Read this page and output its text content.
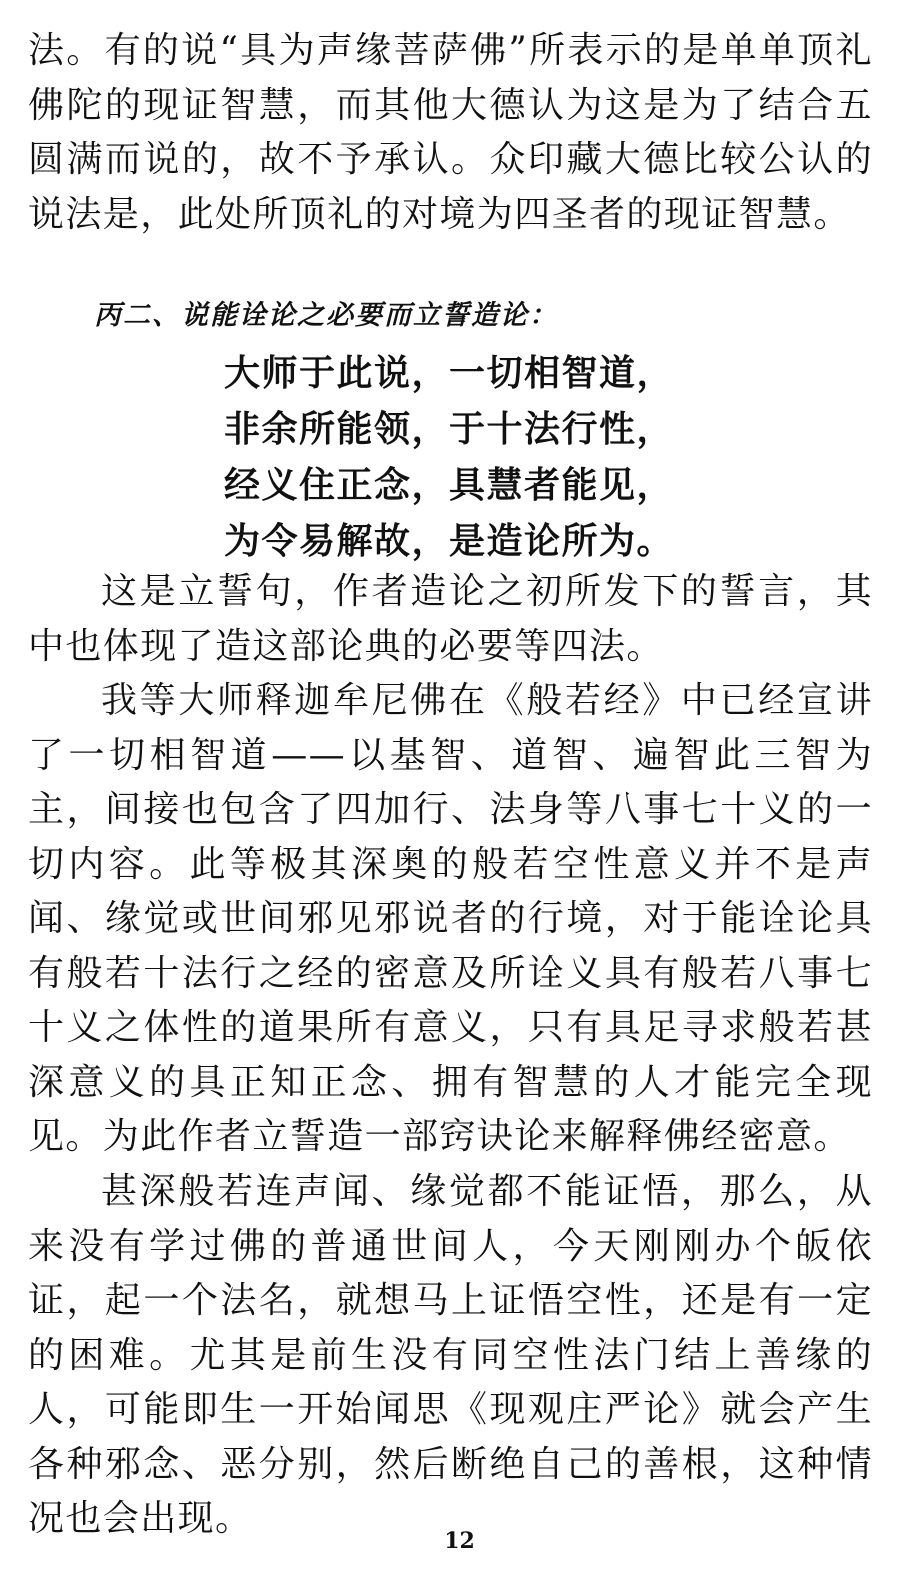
法。有的说“具为声缘菩萨佛”所表示的是单单顶礼佛陀的现证智慧，而其他大德认为这是为了结合五圆满而说的，故不予承认。众印藏大德比较公认的说法是，此处所顶礼的对境为四圣者的现证智慧。

丙二、说能诠论之必要而立誓造论：

大师于此说，一切相智道，

非余所能领，于十法行性，

经义住正念，具慧者能见，

为令易解故，是造论所为。

这是立誓句，作者造论之初所发下的誓言，其中也体现了造这部论典的必要等四法。

我等大师释迦牟尼佛在《般若经》中已经宣讲了一切相智道——以基智、道智、遍智此三智为主，间接也包含了四加行、法身等八事七十义的一切内容。此等极其深奥的般若空性意义并不是声闻、缘觉或世间邪见邪说者的行境，对于能诠论具有般若十法行之经的密意及所诠义具有般若八事七十义之体性的道果所有意义，只有具足寻求般若甚深意义的具正知正念、拥有智慧的人才能完全现见。为此作者立誓造一部窍诀论来解释佛经密意。

甚深般若连声闻、缘觉都不能证悟，那么，从来没有学过佛的普通世间人，今天刚刚办个皈依证，起一个法名，就想马上证悟空性，还是有一定的困难。尤其是前生没有同空性法门结上善缘的人，可能即生一开始闻思《现观庄严论》就会产生各种邪念、恶分别，然后断绝自己的善根，这种情况也会出现。

12
